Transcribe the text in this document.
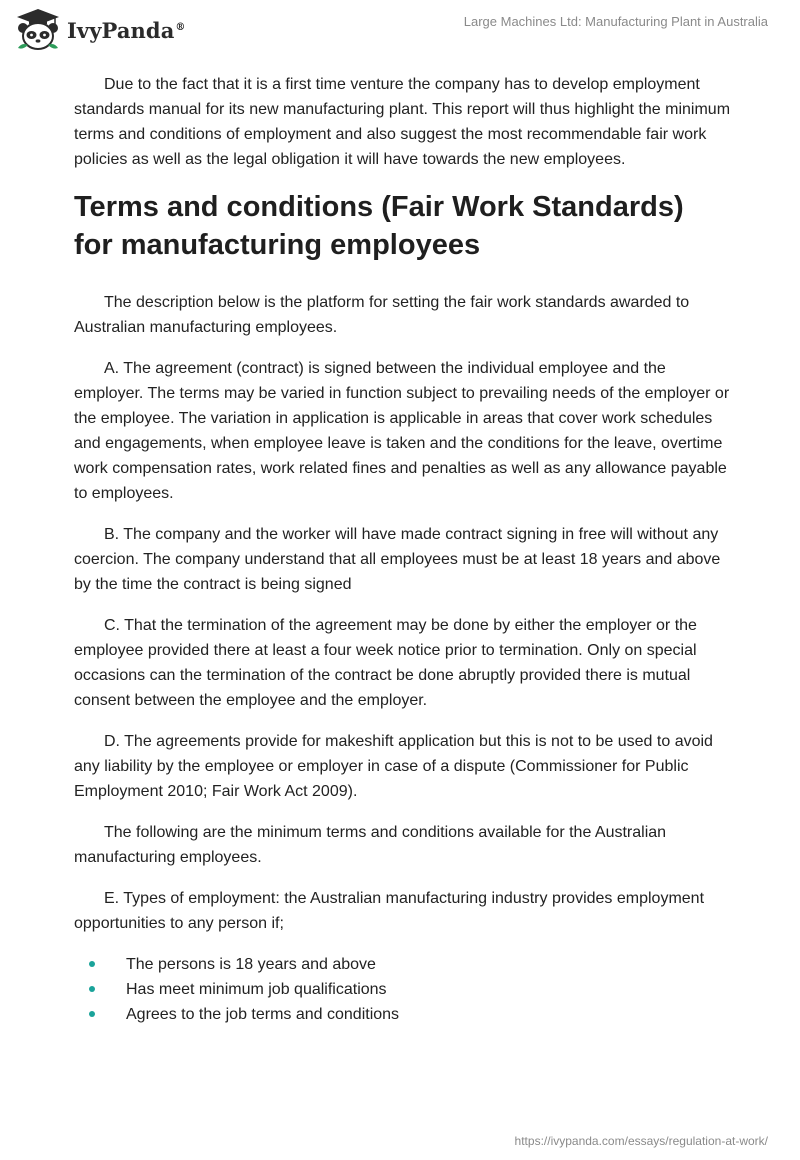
IvyPanda®	Large Machines Ltd: Manufacturing Plant in Australia

Due to the fact that it is a first time venture the company has to develop employment standards manual for its new manufacturing plant. This report will thus highlight the minimum terms and conditions of employment and also suggest the most recommendable fair work policies as well as the legal obligation it will have towards the new employees.

Terms and conditions (Fair Work Standards) for manufacturing employees

The description below is the platform for setting the fair work standards awarded to Australian manufacturing employees.

A. The agreement (contract) is signed between the individual employee and the employer. The terms may be varied in function subject to prevailing needs of the employer or the employee. The variation in application is applicable in areas that cover work schedules and engagements, when employee leave is taken and the conditions for the leave, overtime work compensation rates, work related fines and penalties as well as any allowance payable to employees.

B. The company and the worker will have made contract signing in free will without any coercion. The company understand that all employees must be at least 18 years and above by the time the contract is being signed

C. That the termination of the agreement may be done by either the employer or the employee provided there at least a four week notice prior to termination. Only on special occasions can the termination of the contract be done abruptly provided there is mutual consent between the employee and the employer.

D. The agreements provide for makeshift application but this is not to be used to avoid any liability by the employee or employer in case of a dispute (Commissioner for Public Employment 2010; Fair Work Act 2009).

The following are the minimum terms and conditions available for the Australian manufacturing employees.

E. Types of employment: the Australian manufacturing industry provides employment opportunities to any person if;

The persons is 18 years and above
Has meet minimum job qualifications
Agrees to the job terms and conditions
https://ivypanda.com/essays/regulation-at-work/
